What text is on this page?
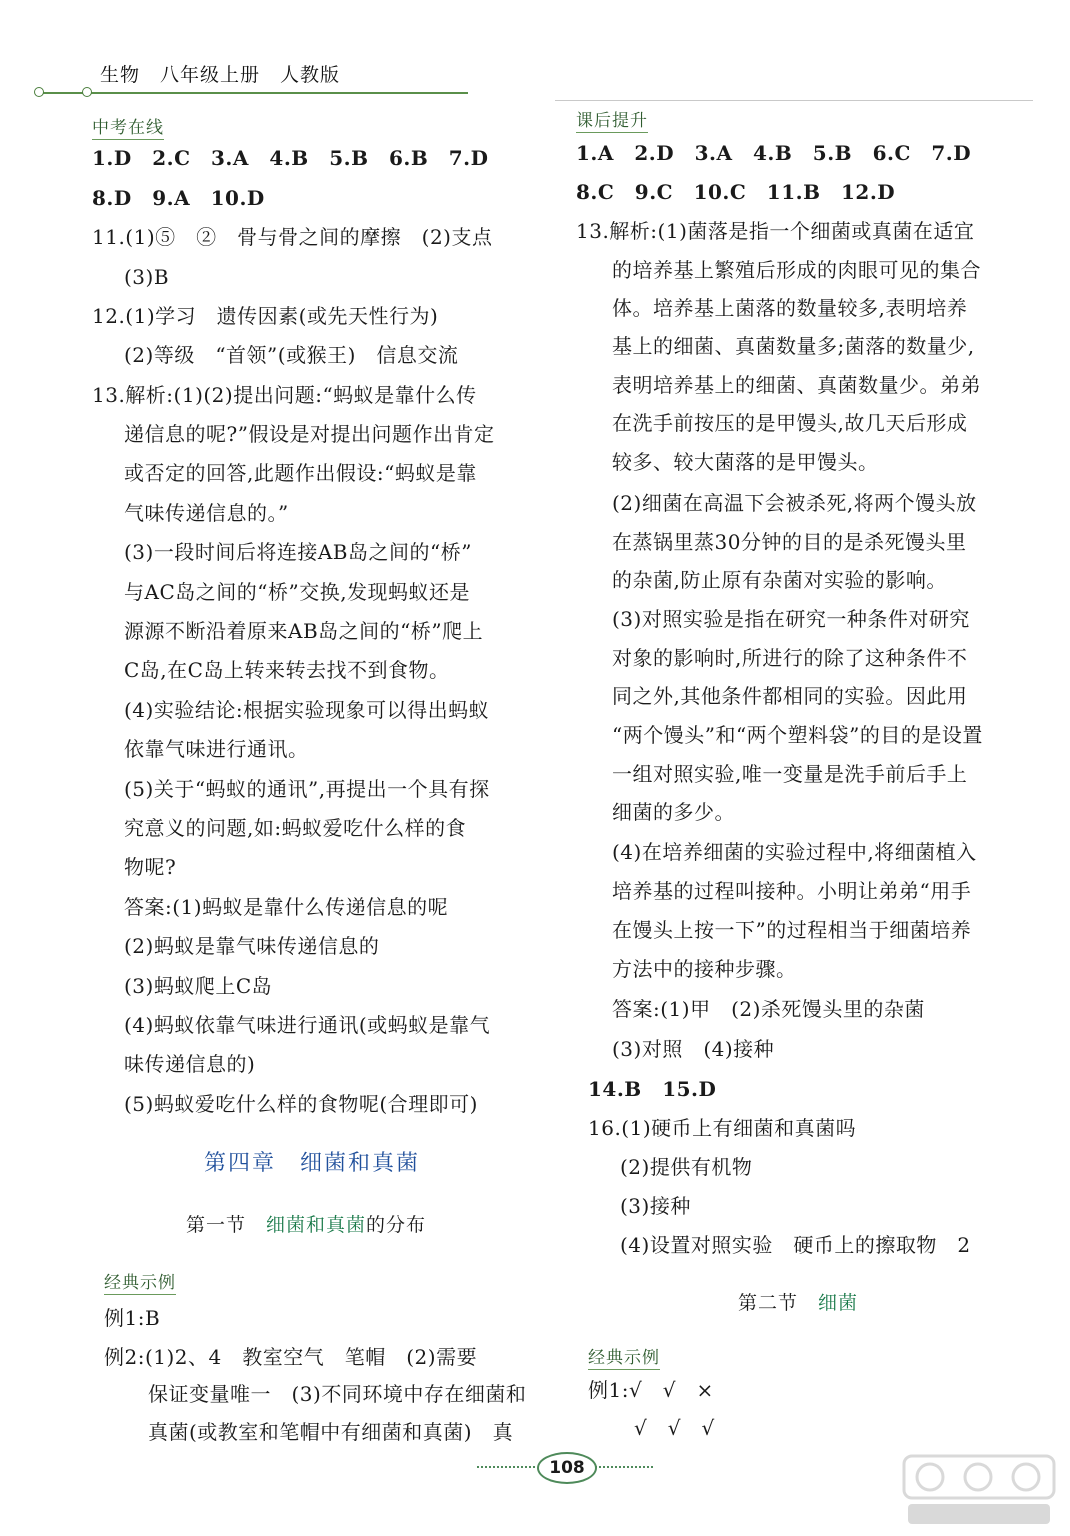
生物　八年级上册　人教版
中考在线
1.D　2.C　3.A　4.B　5.B　6.B　7.D
8.D　9.A　10.D
11.(1)⑤　②　骨与骨之间的摩擦　(2)支点
(3)B
12.(1)学习　遗传因素(或先天性行为)
(2)等级　“首领”(或猴王)　信息交流
13.解析:(1)(2)提出问题:“蚂蚁是靠什么传
递信息的呢?”假设是对提出问题作出肯定
或否定的回答,此题作出假设:“蚂蚁是靠
气味传递信息的。”
(3)一段时间后将连接AB岛之间的“桥”
与AC岛之间的“桥”交换,发现蚂蚁还是
源源不断沿着原来AB岛之间的“桥”爬上
C岛,在C岛上转来转去找不到食物。
(4)实验结论:根据实验现象可以得出蚂蚁
依靠气味进行通讯。
(5)关于“蚂蚁的通讯”,再提出一个具有探
究意义的问题,如:蚂蚁爱吃什么样的食
物呢?
答案:(1)蚂蚁是靠什么传递信息的呢
(2)蚂蚁是靠气味传递信息的
(3)蚂蚁爬上C岛
(4)蚂蚁依靠气味进行通讯(或蚂蚁是靠气
味传递信息的)
(5)蚂蚁爱吃什么样的食物呢(合理即可)
第四章　细菌和真菌
第一节　细菌和真菌的分布
经典示例
例1:B
例2:(1)2、4　教室空气　笔帽　(2)需要
保证变量唯一　(3)不同环境中存在细菌和
真菌(或教室和笔帽中有细菌和真菌)　真
课后提升
1.A　2.D　3.A　4.B　5.B　6.C　7.D
8.C　9.C　10.C　11.B　12.D
13.解析:(1)菌落是指一个细菌或真菌在适宜
的培养基上繁殖后形成的肉眼可见的集合
体。培养基上菌落的数量较多,表明培养
基上的细菌、真菌数量多;菌落的数量少,
表明培养基上的细菌、真菌数量少。弟弟
在洗手前按压的是甲馒头,故几天后形成
较多、较大菌落的是甲馒头。
(2)细菌在高温下会被杀死,将两个馒头放
在蒸锅里蒸30分钟的目的是杀死馒头里
的杂菌,防止原有杂菌对实验的影响。
(3)对照实验是指在研究一种条件对研究
对象的影响时,所进行的除了这种条件不
同之外,其他条件都相同的实验。因此用
“两个馒头”和“两个塑料袋”的目的是设置
一组对照实验,唯一变量是洗手前后手上
细菌的多少。
(4)在培养细菌的实验过程中,将细菌植入
培养基的过程叫接种。小明让弟弟“用手
在馒头上按一下”的过程相当于细菌培养
方法中的接种步骤。
答案:(1)甲　(2)杀死馒头里的杂菌
(3)对照　(4)接种
14.B　15.D
16.(1)硬币上有细菌和真菌吗
(2)提供有机物
(3)接种
(4)设置对照实验　硬币上的擦取物　2
第二节　细菌
经典示例
例1:√　√　×
√　√　√
108
